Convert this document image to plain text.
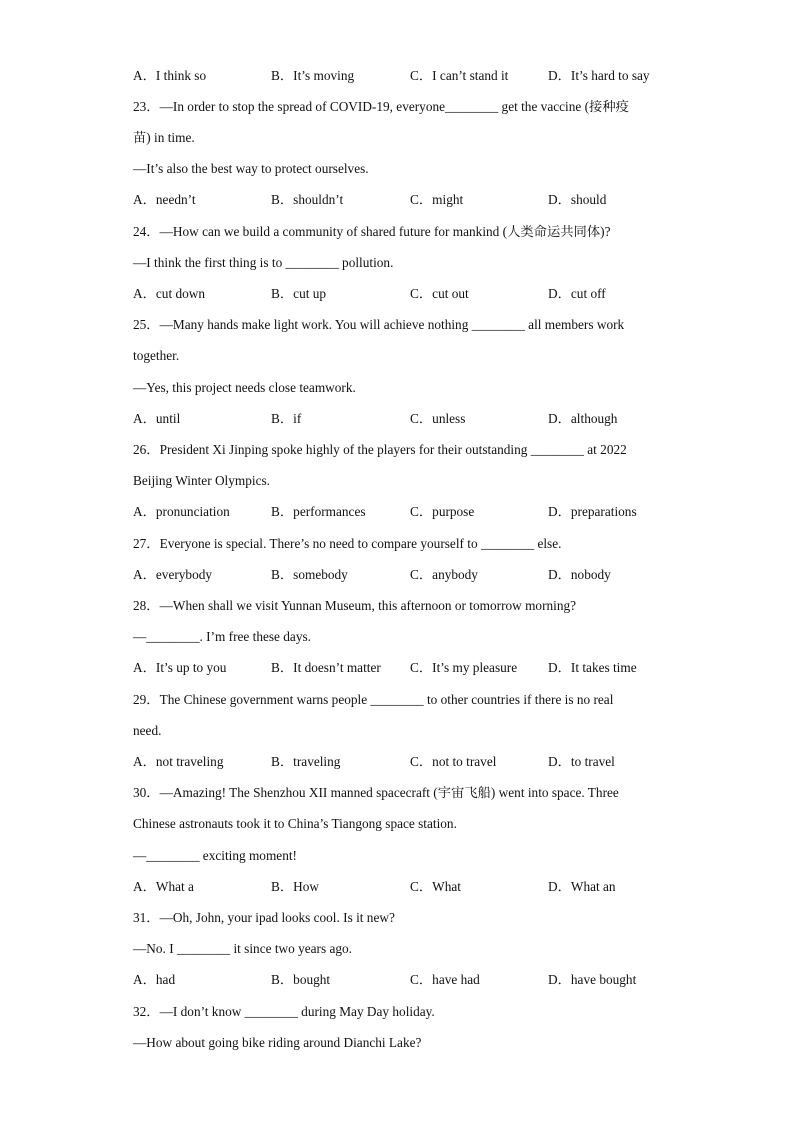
A．I think so	B．It’s moving	C．I can’t stand it	D．It’s hard to say
23．—In order to stop the spread of COVID-19, everyone________ get the vaccine (接种疫
苗) in time.
—It’s also the best way to protect ourselves.
A．needn’t	B．shouldn’t	C．might	D．should
24．—How can we build a community of shared future for mankind (人类命运共同体)?
—I think the first thing is to ________ pollution.
A．cut down	B．cut up	C．cut out	D．cut off
25．—Many hands make light work. You will achieve nothing ________ all members work
together.
—Yes, this project needs close teamwork.
A．until	B．if	C．unless	D．although
26．President Xi Jinping spoke highly of the players for their outstanding ________ at 2022
Beijing Winter Olympics.
A．pronunciation	B．performances	C．purpose	D．preparations
27．Everyone is special. There’s no need to compare yourself to ________ else.
A．everybody	B．somebody	C．anybody	D．nobody
28．—When shall we visit Yunnan Museum, this afternoon or tomorrow morning?
—________. I’m free these days.
A．It’s up to you	B．It doesn’t matter C．It’s my pleasure D．It takes time
29．The Chinese government warns people ________ to other countries if there is no real
need.
A．not traveling	B．traveling	C．not to travel	D．to travel
30．—Amazing! The Shenzhou XII manned spacecraft (宇宙飞船) went into space. Three
Chinese astronauts took it to China’s Tiangong space station.
—________ exciting moment!
A．What a	B．How	C．What	D．What an
31．—Oh, John, your ipad looks cool. Is it new?
—No. I ________ it since two years ago.
A．had	B．bought	C．have had	D．have bought
32．—I don’t know ________ during May Day holiday.
—How about going bike riding around Dianchi Lake?
